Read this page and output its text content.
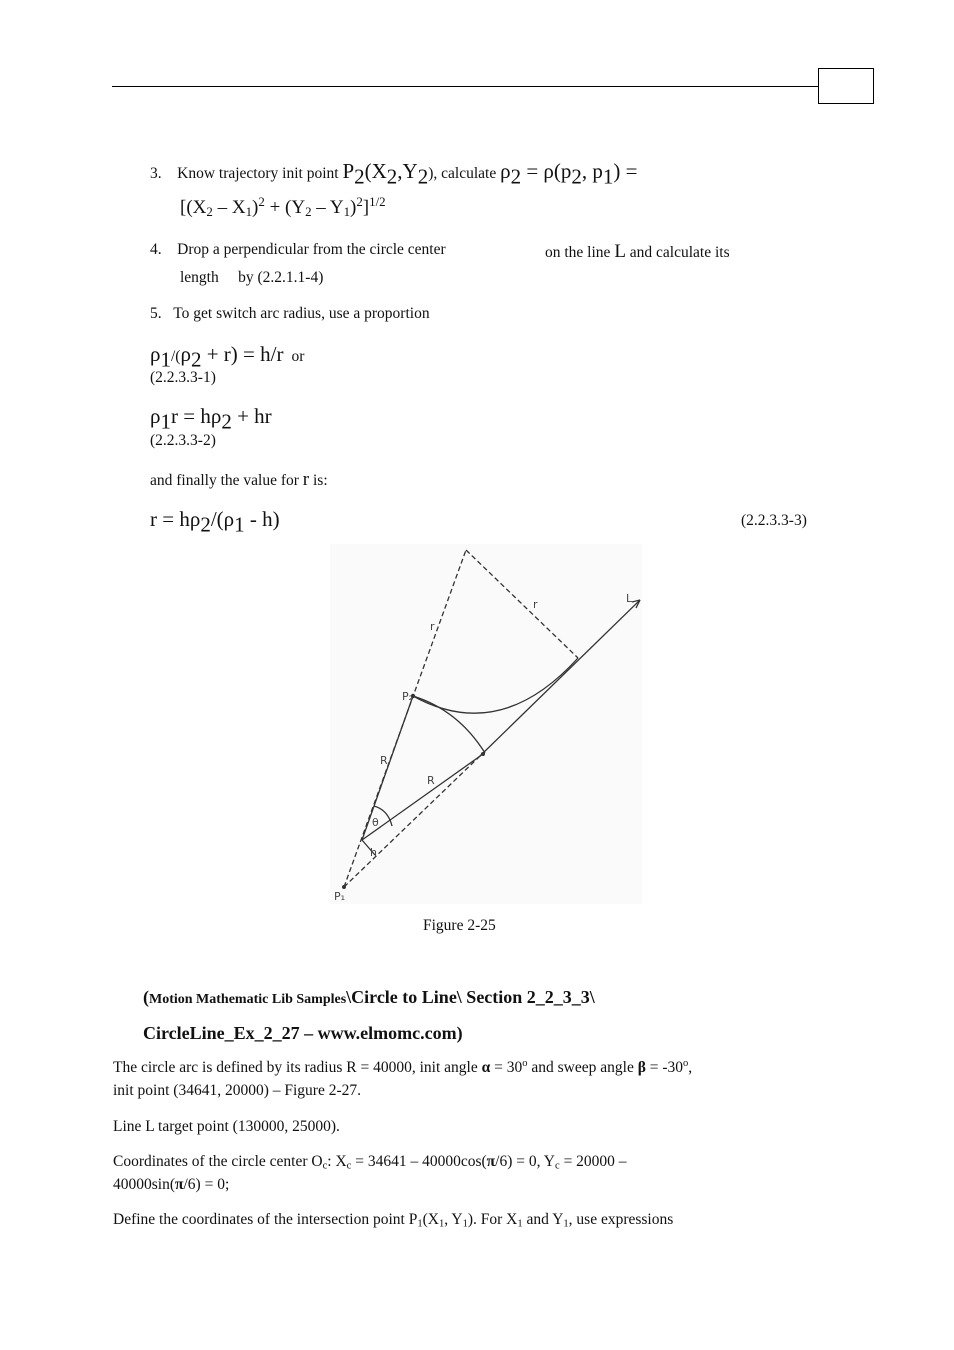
3. Know trajectory init point $P_2(X_2,Y_2)$, calculate $\rho_2 = \rho(p_2$, $p_1$) =
$[(X_2 - X_1)^2 + (Y_2 - Y_1)^2]^{1/2}$
4. Drop a perpendicular from the circle center	on the line L and calculate its
length by (2.2.1.1-4)
5. To get switch arc radius, use a proportion
$\rho_1/(\rho_2 + r) = h/r$ or
(2.2.3.3-1)
$\rho_1r = h\rho_2$ + hr
(2.2.3.3-2)
and finally the value for r is:
$r = h\rho_2/(\rho_1 - h)$	(2.2.3.3-3)
r
r	L
P₂
R
R
θ
h
P₁
Figure 2-25
(Motion Mathematic Lib Samples\Circle to Line\ Section 2_2_3_3\
CircleLine_Ex_2_27 – www.elmomc.com)
The circle arc is defined by its radius R = 40000, init angle $\alpha = 30^o$ and sweep angle $\beta = -30^o$,
init point (34641, 20000) – Figure 2-27.
Line L target point (130000, 25000).
Coordinates of the circle center $O_c$: $X_c = 34641 - 40000\cos(\pi/6) = 0$, $Y_c = 20000$ –
40000sin(π/6) = 0;
Define the coordinates of the intersection point $P_1(X_1$, $Y_1$). For $X_1$ and $Y_1$, use expressions
